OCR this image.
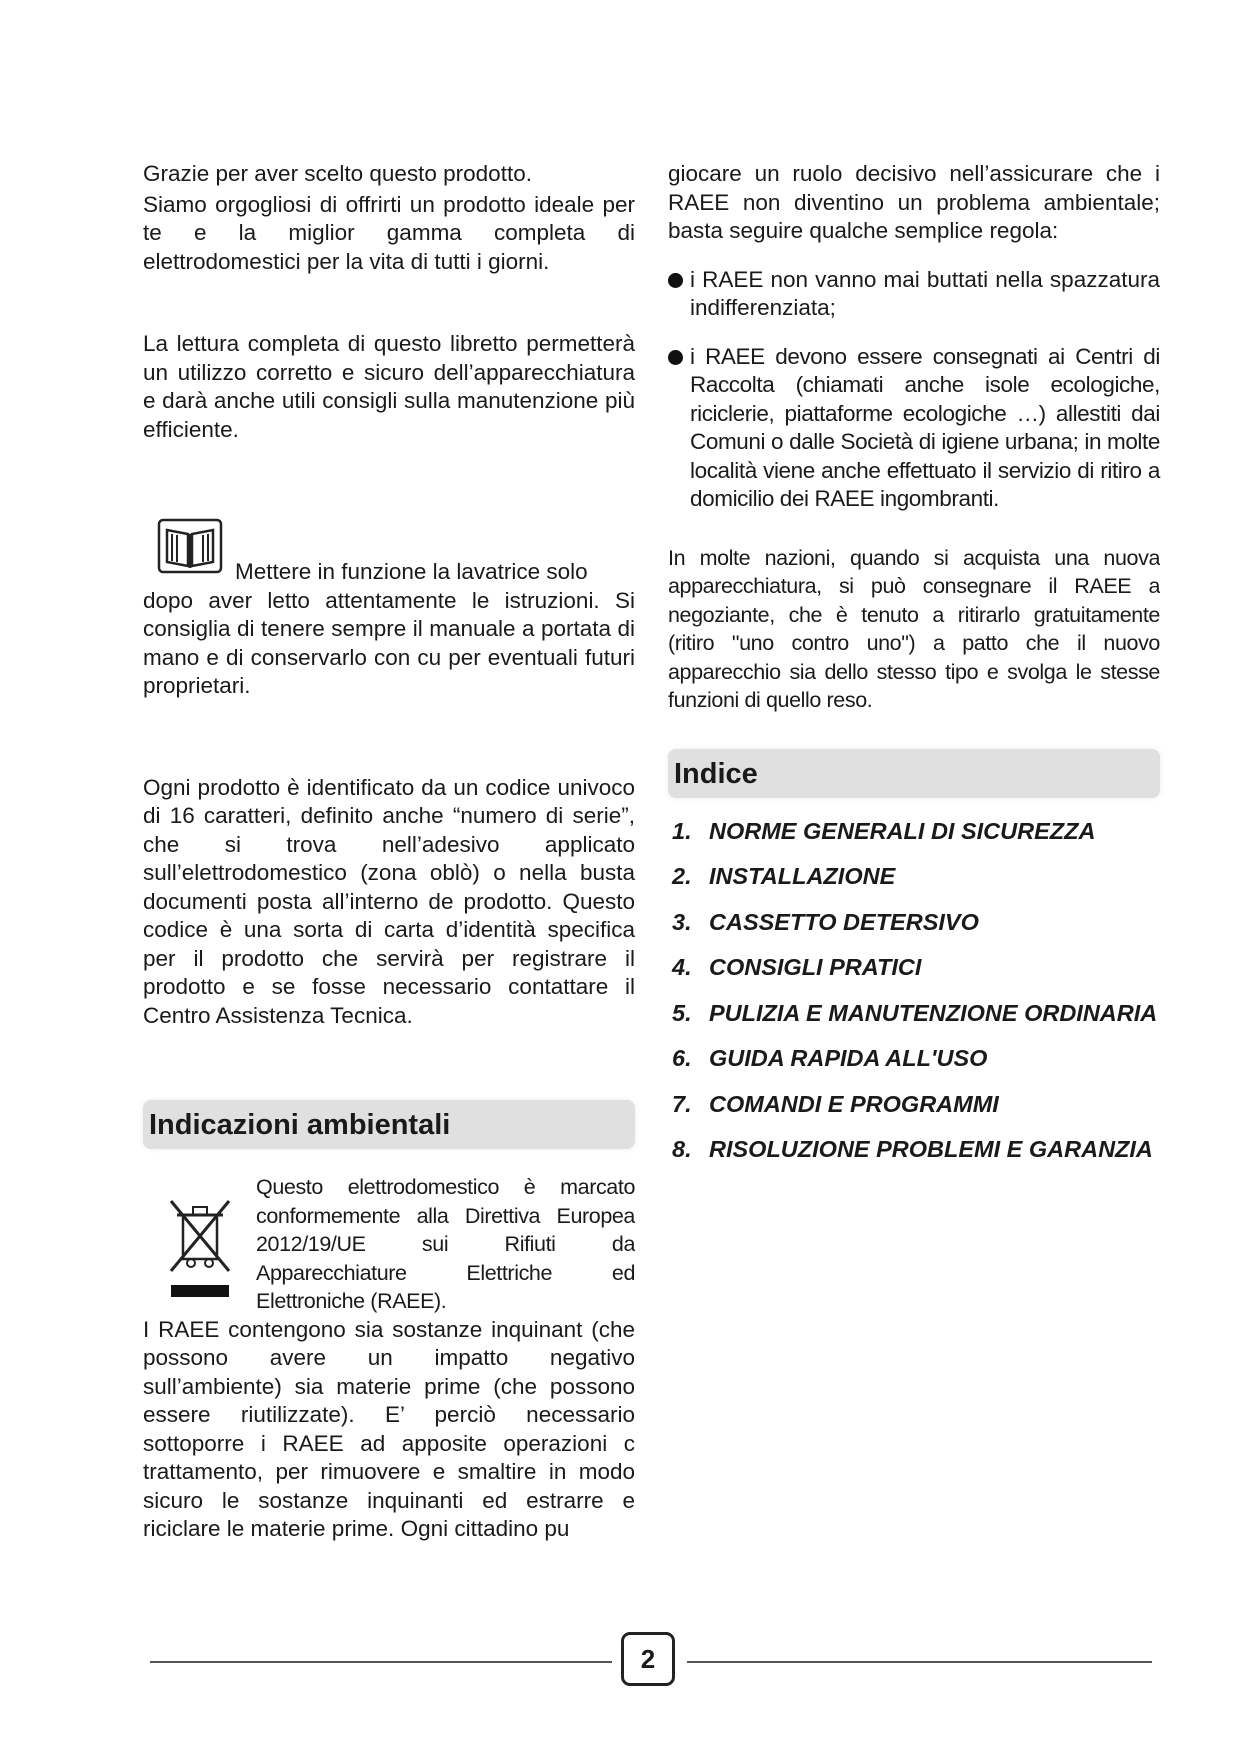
Grazie per aver scelto questo prodotto.

Siamo orgogliosi di offrirti un prodotto ideale per te e la miglior gamma completa di elettrodomestici per la vita di tutti i giorni.

La lettura completa di questo libretto permetterà un utilizzo corretto e sicuro dell’apparecchiatura e darà anche utili consigli sulla manutenzione più efficiente.

Mettere in funzione la lavatrice solo

dopo aver letto attentamente le istruzioni. Si consiglia di tenere sempre il manuale a portata di mano e di conservarlo con cu per eventuali futuri proprietari.

Ogni prodotto è identificato da un codice univoco di 16 caratteri, definito anche “numero di serie”, che si trova nell’adesivo applicato sull’elettrodomestico (zona oblò) o nella busta documenti posta all’interno de prodotto. Questo codice è una sorta di carta d’identità specifica per il prodotto che servirà per registrare il prodotto e se fosse necessario contattare il Centro Assistenza Tecnica.

Indicazioni ambientali

Questo elettrodomestico è marcato conformemente alla Direttiva Europea 2012/19/UE sui Rifiuti da Apparecchiature Elettriche ed Elettroniche (RAEE).

I RAEE contengono sia sostanze inquinant (che possono avere un impatto negativo sull’ambiente) sia materie prime (che possono essere riutilizzate). E’ perciò necessario sottoporre i RAEE ad apposite operazioni c trattamento, per rimuovere e smaltire in modo sicuro le sostanze inquinanti ed estrarre e riciclare le materie prime. Ogni cittadino pu

giocare un ruolo decisivo nell’assicurare che i RAEE non diventino un problema ambientale; basta seguire qualche semplice regola:

i RAEE non vanno mai buttati nella spazzatura indifferenziata;
i RAEE devono essere consegnati ai Centri di Raccolta (chiamati anche isole ecologiche, riciclerie, piattaforme ecologiche …) allestiti dai Comuni o dalle Società di igiene urbana; in molte località viene anche effettuato il servizio di ritiro a domicilio dei RAEE ingombranti.

In molte nazioni, quando si acquista una nuova apparecchiatura, si può consegnare il RAEE a negoziante, che è tenuto a ritirarlo gratuitamente (ritiro "uno contro uno") a patto che il nuovo apparecchio sia dello stesso tipo e svolga le stesse funzioni di quello reso.

Indice
1. NORME GENERALI DI SICUREZZA
2. INSTALLAZIONE
3. CASSETTO DETERSIVO
4. CONSIGLI PRATICI
5. PULIZIA E MANUTENZIONE ORDINARIA
6. GUIDA RAPIDA ALL'USO
7. COMANDI E PROGRAMMI
8. RISOLUZIONE PROBLEMI E GARANZIA
2
